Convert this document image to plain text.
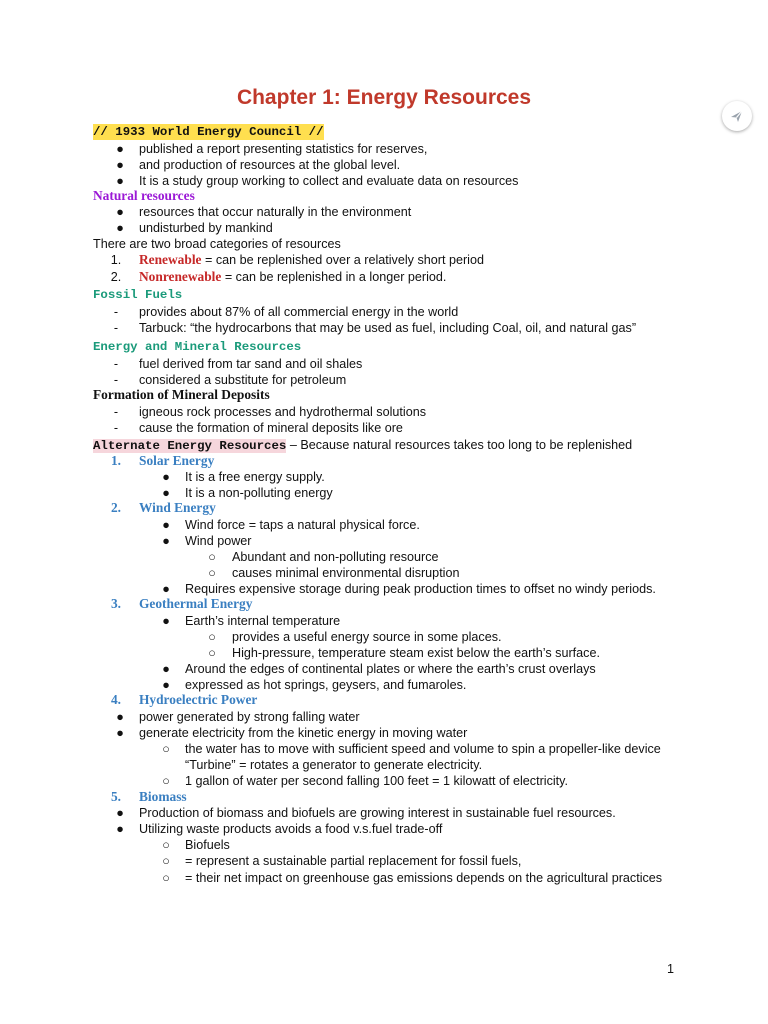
Chapter 1: Energy Resources
// 1933 World Energy Council //
● published a report presenting statistics for reserves,
● and production of resources at the global level.
● It is a study group working to collect and evaluate data on resources
Natural resources
● resources that occur naturally in the environment
● undisturbed by mankind
There are two broad categories of resources
1. Renewable = can be replenished over a relatively short period
2. Nonrenewable = can be replenished in a longer period.
Fossil Fuels
-	provides about 87% of all commercial energy in the world
-	Tarbuck: “the hydrocarbons that may be used as fuel, including Coal, oil, and natural gas”
Energy and Mineral Resources
-	fuel derived from tar sand and oil shales
-	considered a substitute for petroleum
Formation of Mineral Deposits
-	igneous rock processes and hydrothermal solutions
-	cause the formation of mineral deposits like ore
Alternate Energy Resources – Because natural resources takes too long to be replenished
1. Solar Energy
● It is a free energy supply.
● It is a non-polluting energy
2. Wind Energy
● Wind force = taps a natural physical force.
● Wind power
○ Abundant and non-polluting resource
○ causes minimal environmental disruption
● Requires expensive storage during peak production times to offset no windy periods.
3. Geothermal Energy
● Earth’s internal temperature
○ provides a useful energy source in some places.
○ High-pressure, temperature steam exist below the earth’s surface.
● Around the edges of continental plates or where the earth’s crust overlays
● expressed as hot springs, geysers, and fumaroles.
4. Hydroelectric Power
● power generated by strong falling water
● generate electricity from the kinetic energy in moving water
○ the water has to move with sufficient speed and volume to spin a propeller-like device
“Turbine” = rotates a generator to generate electricity.
○ 1 gallon of water per second falling 100 feet = 1 kilowatt of electricity.
5. Biomass
● Production of biomass and biofuels are growing interest in sustainable fuel resources.
● Utilizing waste products avoids a food v.s.fuel trade-off
○ Biofuels
○ = represent a sustainable partial replacement for fossil fuels,
○ = their net impact on greenhouse gas emissions depends on the agricultural practices
1
